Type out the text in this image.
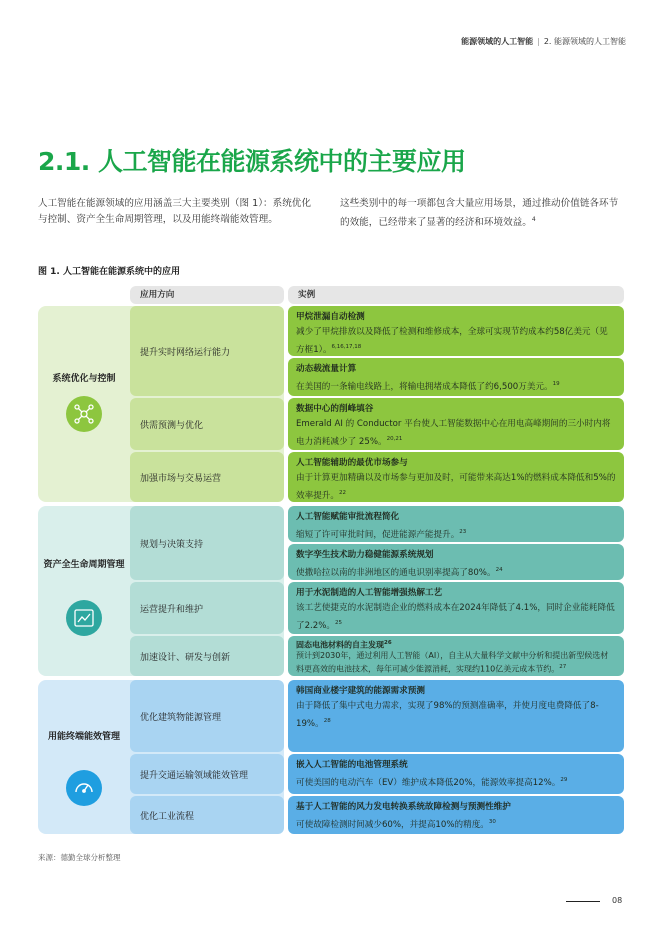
能源领域的人工智能 | 2. 能源领域的人工智能
2.1. 人工智能在能源系统中的主要应用

人工智能在能源领域的应用涵盖三大主要类别（图 1）：系统优化与控制、资产全生命周期管理，以及用能终端能效管理。

这些类别中的每一项都包含大量应用场景，通过推动价值链各环节的效能，已经带来了显著的经济和环境效益。$^4$

图 1. 人工智能在能源系统中的应用
应用方向	实例
系统优化与控制
提升实时网络运行能力
供需预测与优化
加强市场与交易运营
甲烷泄漏自动检测
减少了甲烷排放以及降低了检测和维修成本，全球可实现节约成本约58亿美元（见方框1）。$^{6,16,17,18}$
动态载流量计算
在美国的一条输电线路上，将输电拥堵成本降低了约6,500万美元。$^{19}$
数据中心的削峰填谷
Emerald AI 的 Conductor 平台使人工智能数据中心在用电高峰期间的三小时内将电力消耗减少了 25%。$^{20,21}$
人工智能辅助的最优市场参与
由于计算更加精确以及市场参与更加及时，可能带来高达1%的燃料成本降低和5%的效率提升。$^{22}$
资产全生命周期管理
规划与决策支持
运营提升和维护
加速设计、研发与创新
人工智能赋能审批流程简化
缩短了许可审批时间，促进能源产能提升。$^{23}$
数字孪生技术助力稳健能源系统规划
使撒哈拉以南的非洲地区的通电识别率提高了80%。$^{24}$
用于水泥制造的人工智能增强热解工艺
该工艺使捷克的水泥制造企业的燃料成本在2024年降低了4.1%，同时企业能耗降低了2.2%。$^{25}$
固态电池材料的自主发现$^{26}$
预计到2030年，通过利用人工智能（AI），自主从大量科学文献中分析和提出新型候选材料更高效的电池技术，每年可减少能源消耗，实现约110亿美元成本节约。$^{27}$
用能终端能效管理
优化建筑物能源管理
提升交通运输领域能效管理
优化工业流程
韩国商业楼宇建筑的能源需求预测
由于降低了集中式电力需求，实现了98%的预测准确率，并使月度电费降低了8-19%。$^{28}$
嵌入人工智能的电池管理系统
可使美国的电动汽车（EV）维护成本降低20%，能源效率提高12%。$^{29}$
基于人工智能的风力发电转换系统故障检测与预测性维护
可使故障检测时间减少60%，并提高10%的精度。$^{30}$
来源：德勤全球分析整理
08
